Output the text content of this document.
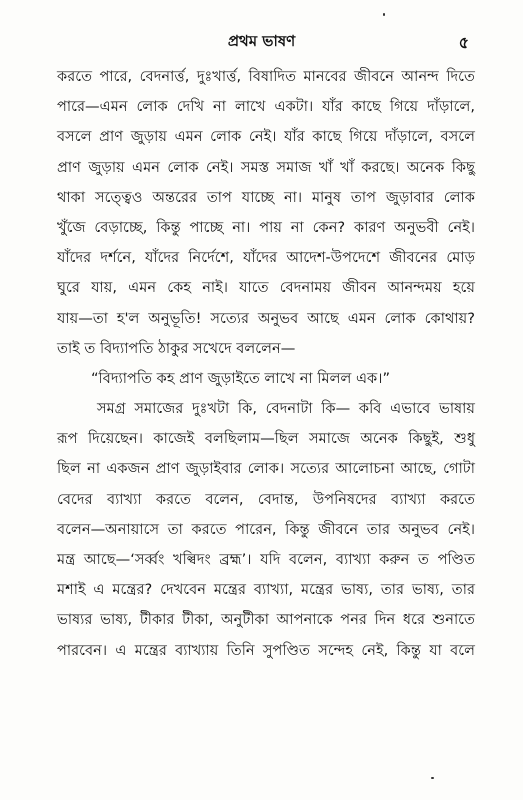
প্রথম ভাষণ	৫
করতে পারে, বেদনার্ত্ত, দুঃখার্ত্ত, বিষাদিত মানবের জীবনে আনন্দ দিতে
পারে—এমন লোক দেখি না লাখে একটা। যাঁর কাছে গিয়ে দাঁড়ালে,
বসলে প্রাণ জুড়ায় এমন লোক নেই। যাঁর কাছে গিয়ে দাঁড়ালে, বসলে
প্রাণ জুড়ায় এমন লোক নেই। সমস্ত সমাজ খাঁ খাঁ করছে। অনেক কিছু
থাকা সত্ত্বেও অন্তরের তাপ যাচ্ছে না। মানুষ তাপ জুড়াবার লোক
খুঁজে বেড়াচ্ছে, কিন্তু পাচ্ছে না। পায় না কেন? কারণ অনুভবী নেই।
যাঁদের দর্শনে, যাঁদের নির্দেশে, যাঁদের আদেশ-উপদেশে জীবনের মোড়
ঘুরে যায়, এমন কেহ নাই। যাতে বেদনাময় জীবন আনন্দময় হয়ে
যায়—তা হ'ল অনুভূতি! সত্যের অনুভব আছে এমন লোক কোথায়?
তাই ত বিদ্যাপতি ঠাকুর সখেদে বললেন—
“বিদ্যাপতি কহ প্রাণ জুড়াইতে লাখে না মিলল এক।”
সমগ্র সমাজের দুঃখটা কি, বেদনাটা কি— কবি এভাবে ভাষায়
রূপ দিয়েছেন। কাজেই বলছিলাম—ছিল সমাজে অনেক কিছুই, শুধু
ছিল না একজন প্রাণ জুড়াইবার লোক। সত্যের আলোচনা আছে, গোটা
বেদের ব্যাখ্যা করতে বলেন, বেদান্ত, উপনিষদের ব্যাখ্যা করতে
বলেন—অনায়াসে তা করতে পারেন, কিন্তু জীবনে তার অনুভব নেই।
মন্ত্র আছে—‘সর্ব্বং খল্বিদং ব্রহ্ম’। যদি বলেন, ব্যাখ্যা করুন ত পণ্ডিত
মশাই এ মন্ত্রের? দেখবেন মন্ত্রের ব্যাখ্যা, মন্ত্রের ভাষ্য, তার ভাষ্য, তার
ভাষ্যর ভাষ্য, টীকার টীকা, অনুটীকা আপনাকে পনর দিন ধরে শুনাতে
পারবেন। এ মন্ত্রের ব্যাখ্যায় তিনি সুপণ্ডিত সন্দেহ নেই, কিন্তু যা বলে
